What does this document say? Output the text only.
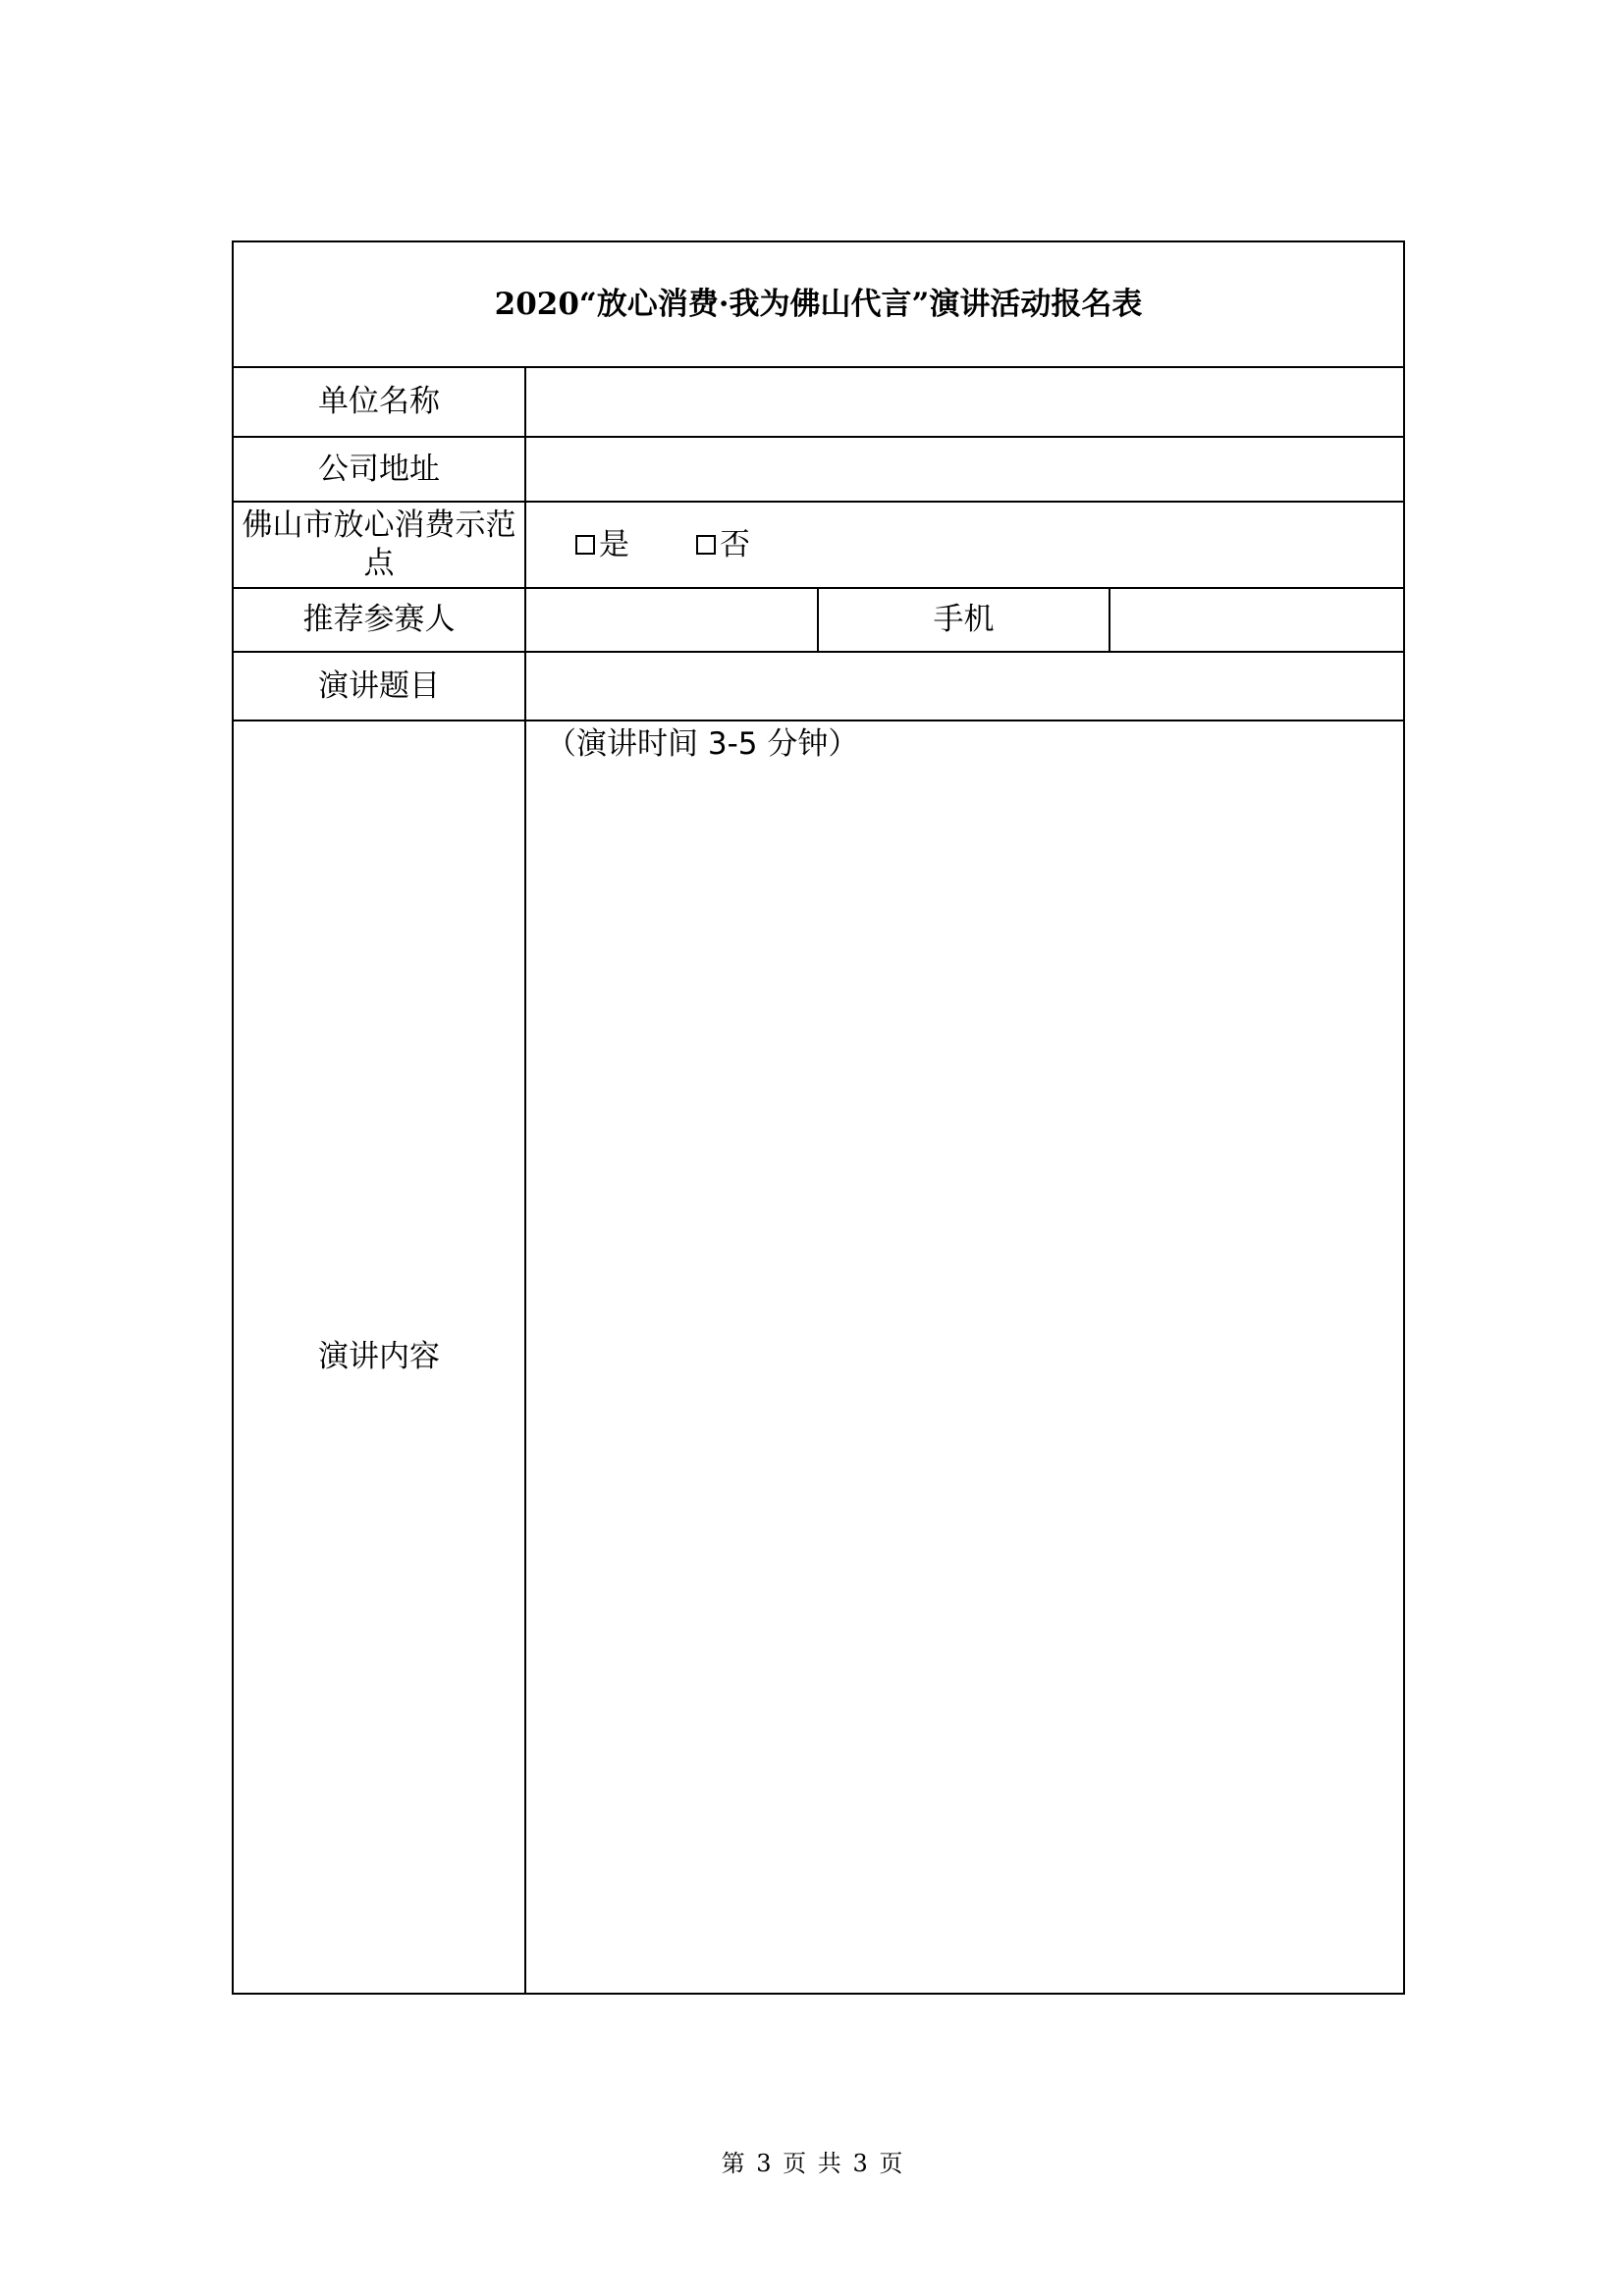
2020“放心消费·我为佛山代言”演讲活动报名表			
单位名称			
公司地址			
佛山市放心消费示范点	是 否		

推荐参赛人		手机	
演讲题目			
演讲内容	（演讲时间 3-5 分钟）		
第 3 页 共 3 页
